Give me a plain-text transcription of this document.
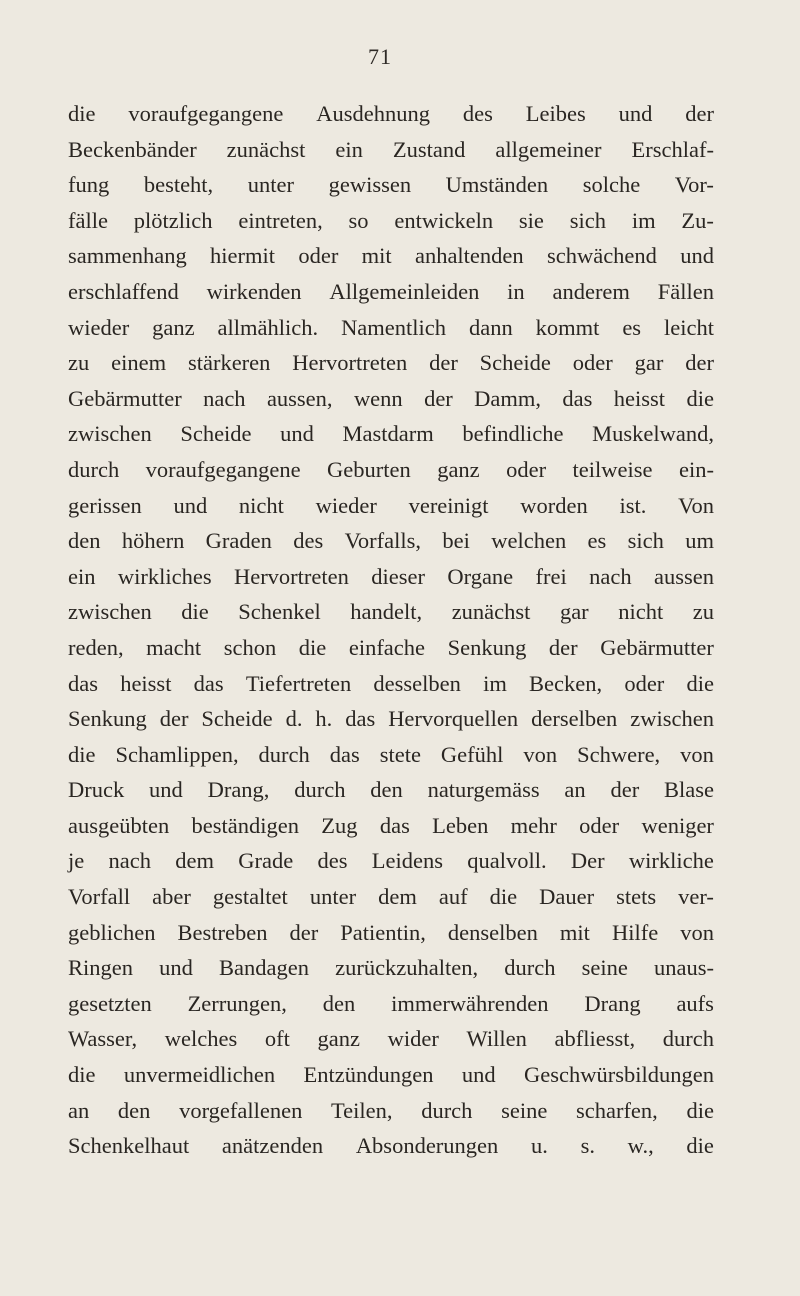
71
die voraufgegangene Ausdehnung des Leibes und der
Beckenbänder zunächst ein Zustand allgemeiner Erschlaf-
fung besteht, unter gewissen Umständen solche Vor-
fälle plötzlich eintreten, so entwickeln sie sich im Zu-
sammenhang hiermit oder mit anhaltenden schwächend und
erschlaffend wirkenden Allgemeinleiden in anderem Fällen
wieder ganz allmählich. Namentlich dann kommt es leicht
zu einem stärkeren Hervortreten der Scheide oder gar der
Gebärmutter nach aussen, wenn der Damm, das heisst die
zwischen Scheide und Mastdarm befindliche Muskelwand,
durch voraufgegangene Geburten ganz oder teilweise ein-
gerissen und nicht wieder vereinigt worden ist. Von
den höhern Graden des Vorfalls, bei welchen es sich um
ein wirkliches Hervortreten dieser Organe frei nach aussen
zwischen die Schenkel handelt, zunächst gar nicht zu
reden, macht schon die einfache Senkung der Gebärmutter
das heisst das Tiefertreten desselben im Becken, oder die
Senkung der Scheide d. h. das Hervorquellen derselben zwischen
die Schamlippen, durch das stete Gefühl von Schwere, von
Druck und Drang, durch den naturgemäss an der Blase
ausgeübten beständigen Zug das Leben mehr oder weniger
je nach dem Grade des Leidens qualvoll. Der wirkliche
Vorfall aber gestaltet unter dem auf die Dauer stets ver-
geblichen Bestreben der Patientin, denselben mit Hilfe von
Ringen und Bandagen zurückzuhalten, durch seine unaus-
gesetzten Zerrungen, den immerwährenden Drang aufs
Wasser, welches oft ganz wider Willen abfliesst, durch
die unvermeidlichen Entzündungen und Geschwürsbildungen
an den vorgefallenen Teilen, durch seine scharfen, die
Schenkelhaut anätzenden Absonderungen u. s. w., die
